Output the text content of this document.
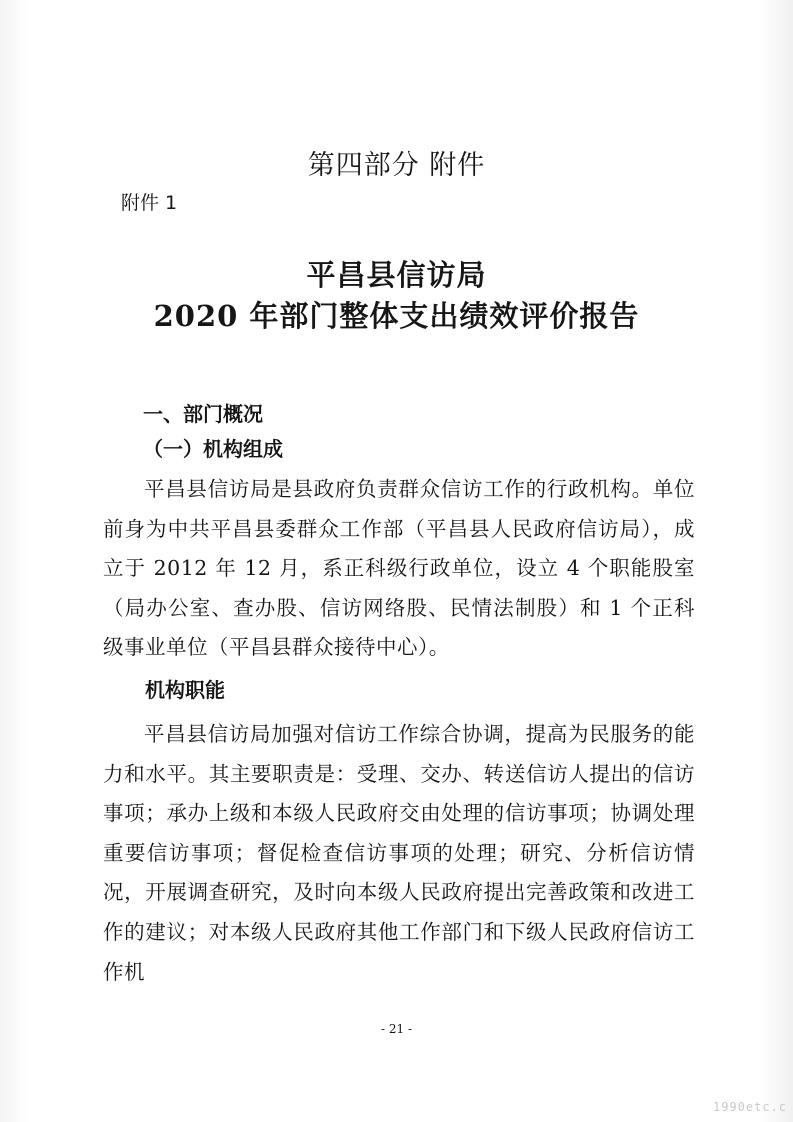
第四部分 附件
附件 1
平昌县信访局
2020 年部门整体支出绩效评价报告
一、部门概况
（一）机构组成
平昌县信访局是县政府负责群众信访工作的行政机构。单位前身为中共平昌县委群众工作部（平昌县人民政府信访局），成立于 2012 年 12 月，系正科级行政单位，设立 4 个职能股室（局办公室、查办股、信访网络股、民情法制股）和 1 个正科级事业单位（平昌县群众接待中心）。
机构职能
平昌县信访局加强对信访工作综合协调，提高为民服务的能力和水平。其主要职责是：受理、交办、转送信访人提出的信访事项；承办上级和本级人民政府交由处理的信访事项；协调处理重要信访事项；督促检查信访事项的处理；研究、分析信访情况，开展调查研究，及时向本级人民政府提出完善政策和改进工作的建议；对本级人民政府其他工作部门和下级人民政府信访工作机
- 21 -
1990etc.c
